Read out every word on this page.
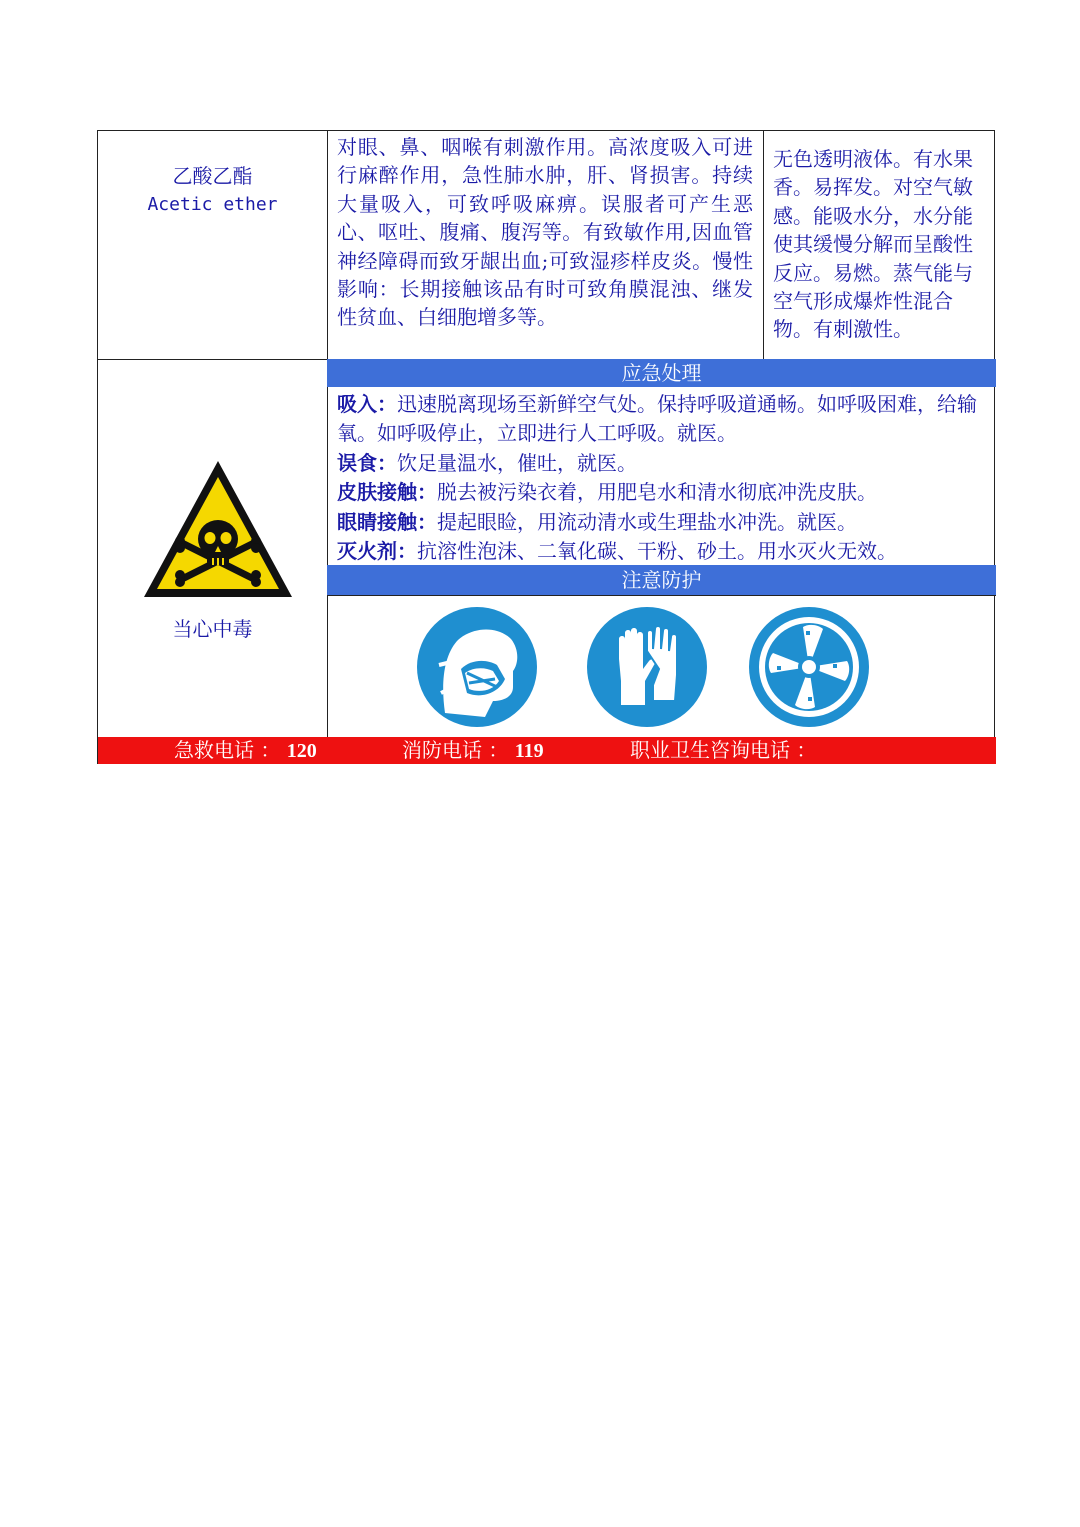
乙酸乙酯
Acetic ether
对眼、鼻、咽喉有刺激作用。高浓度吸入可进行麻醉作用，急性肺水肿，肝、肾损害。持续大量吸入，可致呼吸麻痹。误服者可产生恶心、呕吐、腹痛、腹泻等。有致敏作用,因血管神经障碍而致牙龈出血;可致湿疹样皮炎。慢性影响：长期接触该品有时可致角膜混浊、继发性贫血、白细胞增多等。
无色透明液体。有水果香。易挥发。对空气敏感。能吸水分，水分能使其缓慢分解而呈酸性反应。易燃。蒸气能与空气形成爆炸性混合物。有刺激性。
当心中毒
应急处理
吸入：迅速脱离现场至新鲜空气处。保持呼吸道通畅。如呼吸困难，给输氧。如呼吸停止，立即进行人工呼吸。就医。
误食：饮足量温水，催吐，就医。
皮肤接触：脱去被污染衣着，用肥皂水和清水彻底冲洗皮肤。
眼睛接触：提起眼睑，用流动清水或生理盐水冲洗。就医。
灭火剂：抗溶性泡沫、二氧化碳、干粉、砂土。用水灭火无效。
注意防护
急救电话 ： 120	消防电话 ： 119	职业卫生咨询电话 ：
